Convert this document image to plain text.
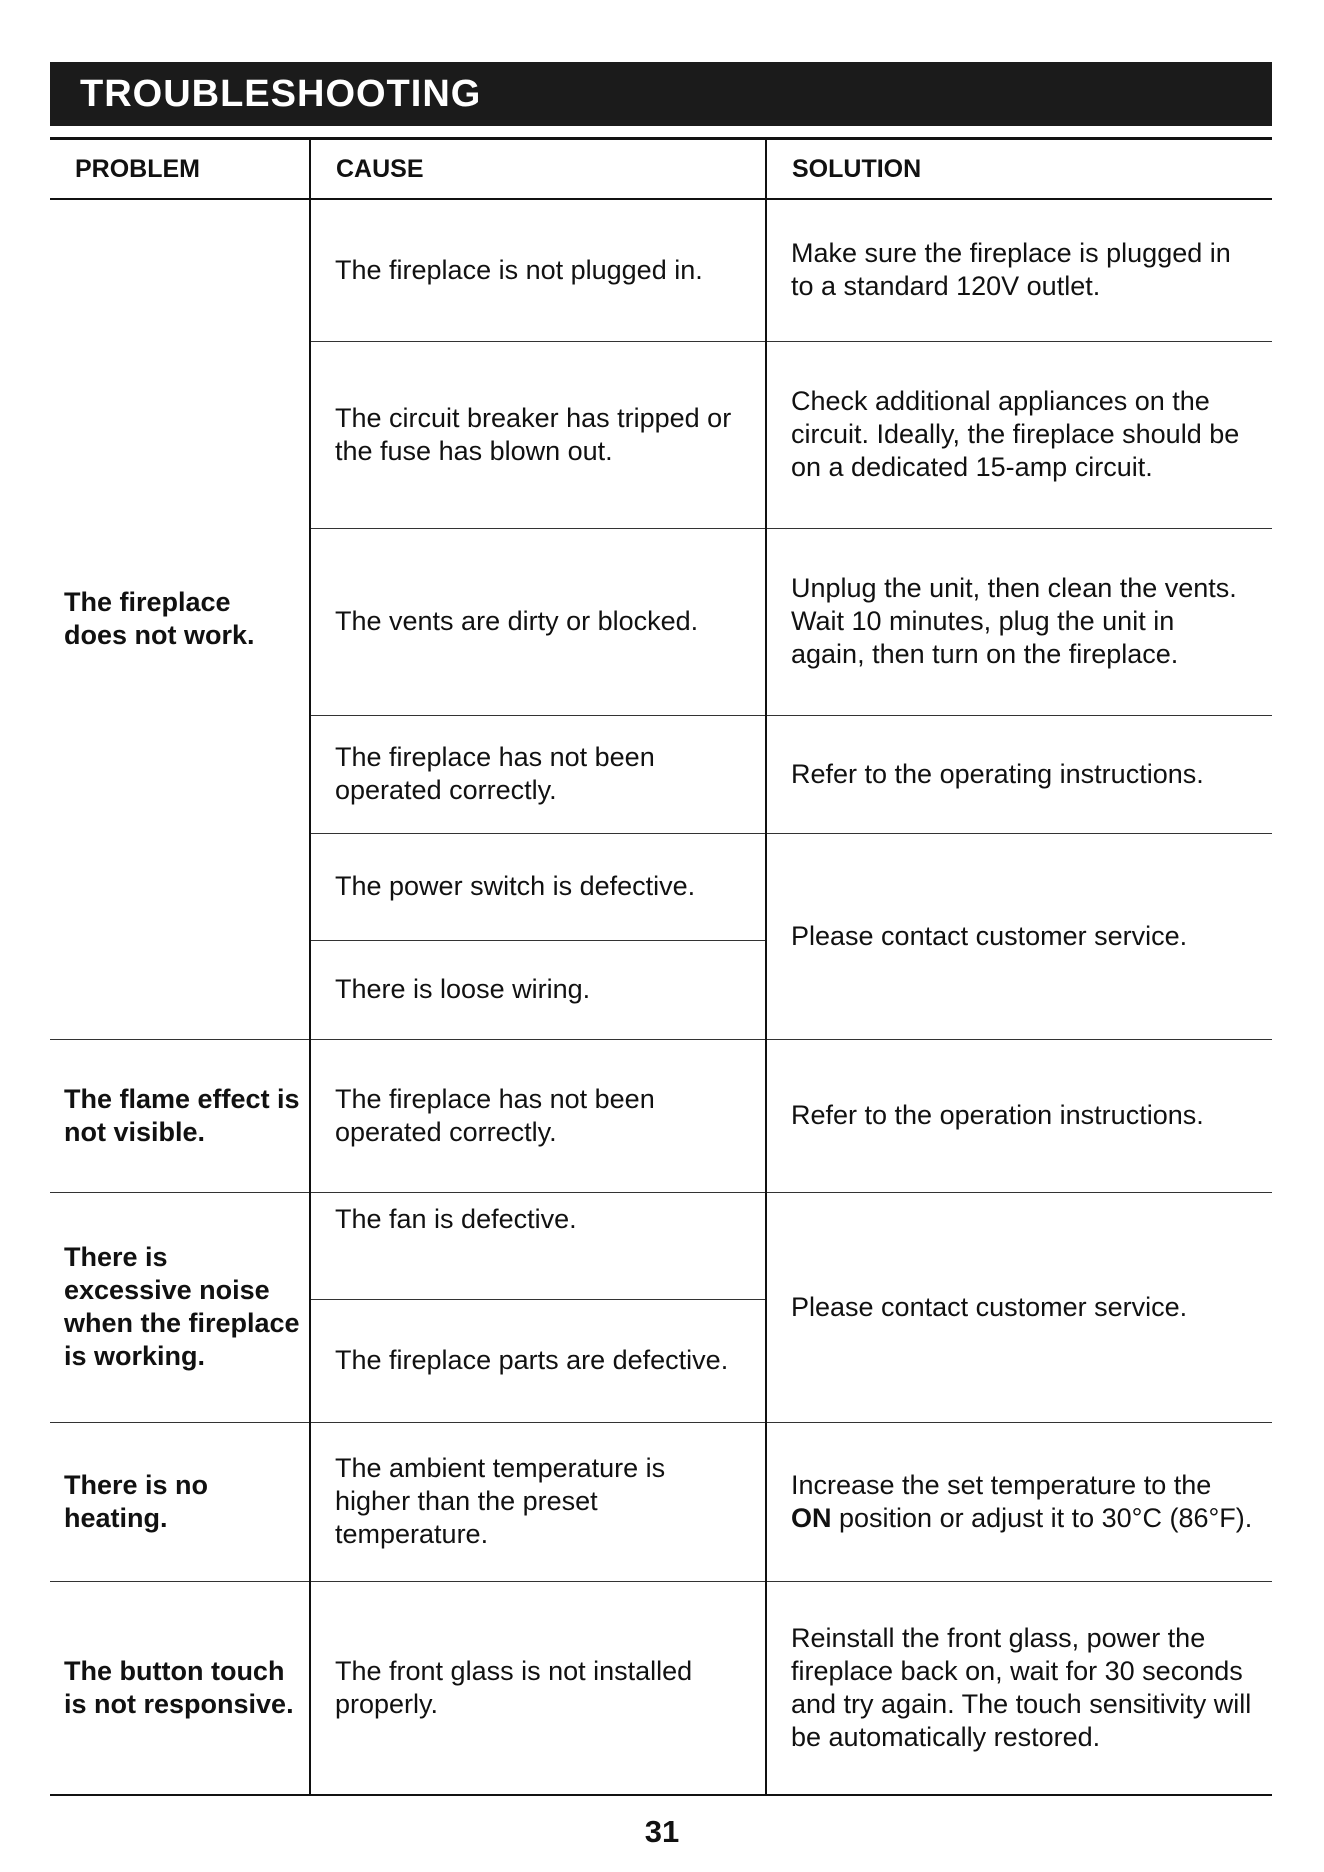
TROUBLESHOOTING
PROBLEM	CAUSE	SOLUTION
The fireplace does not work.	The fireplace is not plugged in.	Make sure the fireplace is plugged in to a standard 120V outlet.
	The circuit breaker has tripped or the fuse has blown out.	Check additional appliances on the circuit. Ideally, the fireplace should be on a dedicated 15-amp circuit.
	The vents are dirty or blocked.	Unplug the unit, then clean the vents. Wait 10 minutes, plug the unit in again, then turn on the fireplace.
	The fireplace has not been operated correctly.	Refer to the operating instructions.
	The power switch is defective.	Please contact customer service.
	There is loose wiring.	
The flame effect is not visible.	The fireplace has not been operated correctly.	Refer to the operation instructions.
There is excessive noise when the fireplace is working.	The fan is defective.	Please contact customer service.
	The fireplace parts are defective.	
There is no heating.	The ambient temperature is higher than the preset temperature.	Increase the set temperature to the ON position or adjust it to 30°C (86°F).
The button touch is not responsive.	The front glass is not installed properly.	Reinstall the front glass, power the fireplace back on, wait for 30 seconds and try again. The touch sensitivity will be automatically restored.
31
